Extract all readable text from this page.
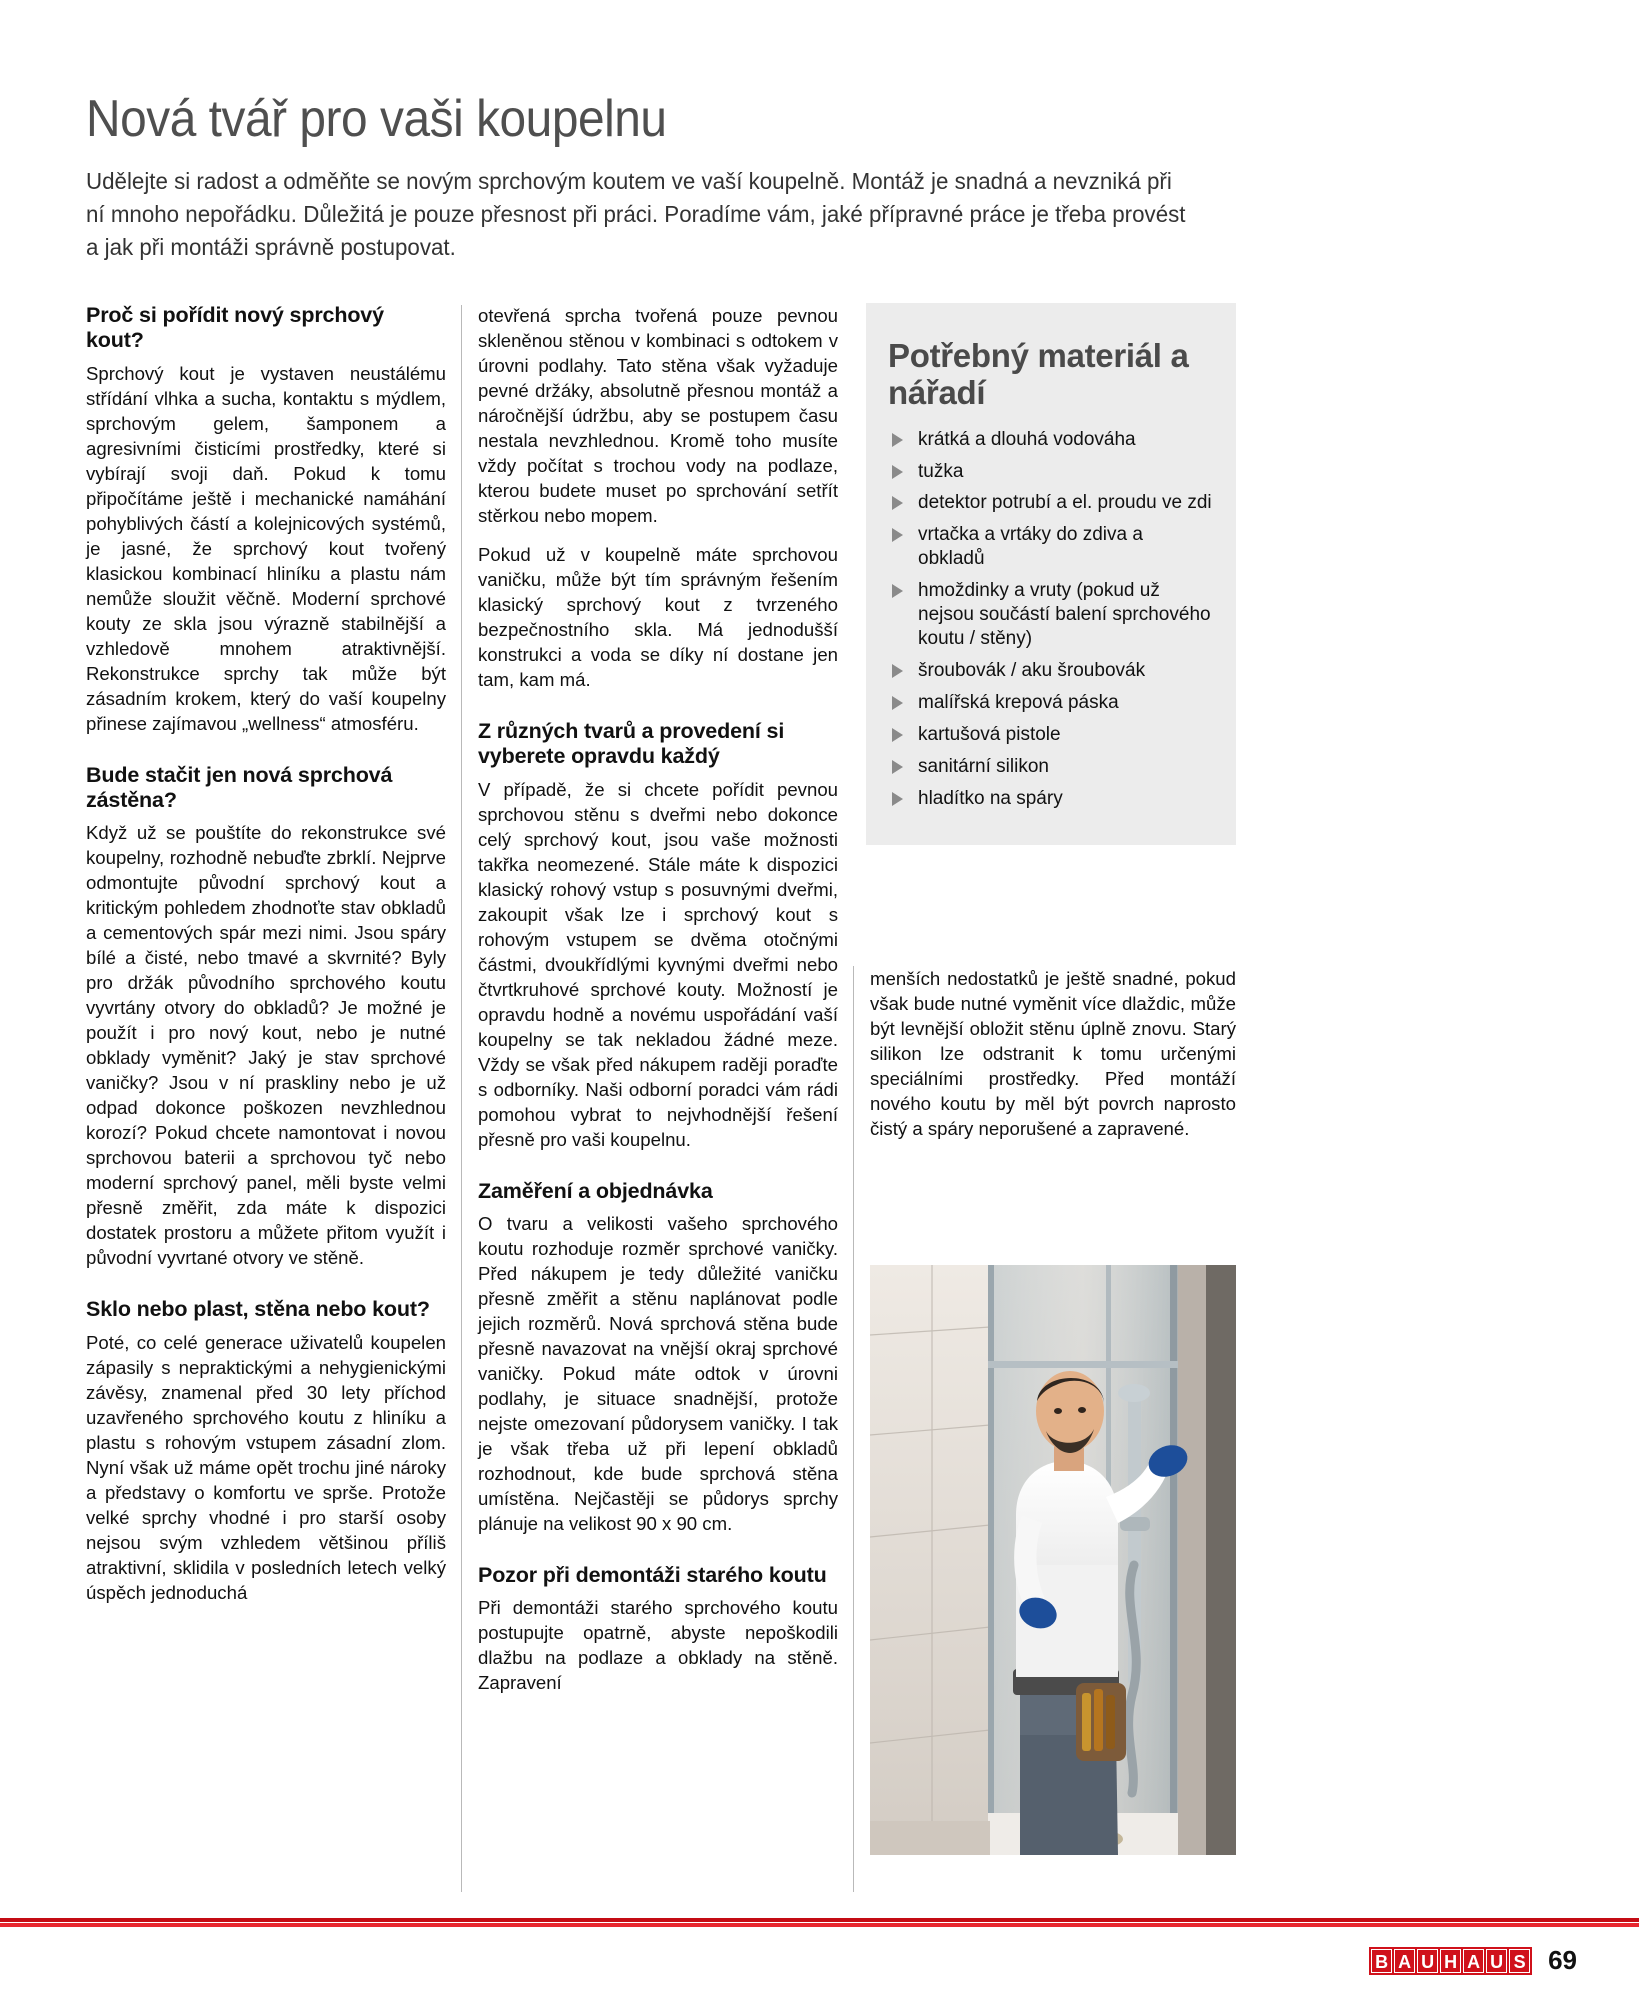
Nová tvář pro vaši koupelnu

Udělejte si radost a odměňte se novým sprchovým koutem ve vaší koupelně. Montáž je snadná a nevzniká při ní mnoho nepořádku. Důležitá je pouze přesnost při práci. Poradíme vám, jaké přípravné práce je třeba provést a jak při montáži správně postupovat.

Proč si pořídit nový sprchový kout?

Sprchový kout je vystaven neustálému střídání vlhka a sucha, kontaktu s mýdlem, sprchovým gelem, šamponem a agresivními čisticími prostředky, které si vybírají svoji daň. Pokud k tomu připočítáme ještě i mechanické namáhání pohyblivých částí a kolejnicových systémů, je jasné, že sprchový kout tvořený klasickou kombinací hliníku a plastu nám nemůže sloužit věčně. Moderní sprchové kouty ze skla jsou výrazně stabilnější a vzhledově mnohem atraktivnější. Rekonstrukce sprchy tak může být zásadním krokem, který do vaší koupelny přinese zajímavou „wellness“ atmosféru.

Bude stačit jen nová sprchová zástěna?

Když už se pouštíte do rekonstrukce své koupelny, rozhodně nebuďte zbrklí. Nejprve odmontujte původní sprchový kout a kritickým pohledem zhodnoťte stav obkladů a cementových spár mezi nimi. Jsou spáry bílé a čisté, nebo tmavé a skvrnité? Byly pro držák původního sprchového koutu vyvrtány otvory do obkladů? Je možné je použít i pro nový kout, nebo je nutné obklady vyměnit? Jaký je stav sprchové vaničky? Jsou v ní praskliny nebo je už odpad dokonce poškozen nevzhlednou korozí? Pokud chcete namontovat i novou sprchovou baterii a sprchovou tyč nebo moderní sprchový panel, měli byste velmi přesně změřit, zda máte k dispozici dostatek prostoru a můžete přitom využít i původní vyvrtané otvory ve stěně.

Sklo nebo plast, stěna nebo kout?

Poté, co celé generace uživatelů koupelen zápasily s nepraktickými a nehygienickými závěsy, znamenal před 30 lety příchod uzavřeného sprchového koutu z hliníku a plastu s rohovým vstupem zásadní zlom. Nyní však už máme opět trochu jiné nároky a představy o komfortu ve sprše. Protože velké sprchy vhodné i pro starší osoby nejsou svým vzhledem většinou příliš atraktivní, sklidila v posledních letech velký úspěch jednoduchá

otevřená sprcha tvořená pouze pevnou skleněnou stěnou v kombinaci s odtokem v úrovni podlahy. Tato stěna však vyžaduje pevné držáky, absolutně přesnou montáž a náročnější údržbu, aby se postupem času nestala nevzhlednou. Kromě toho musíte vždy počítat s trochou vody na podlaze, kterou budete muset po sprchování setřít stěrkou nebo mopem.

Pokud už v koupelně máte sprchovou vaničku, může být tím správným řešením klasický sprchový kout z tvrzeného bezpečnostního skla. Má jednodušší konstrukci a voda se díky ní dostane jen tam, kam má.

Z různých tvarů a provedení si vyberete opravdu každý

V případě, že si chcete pořídit pevnou sprchovou stěnu s dveřmi nebo dokonce celý sprchový kout, jsou vaše možnosti takřka neomezené. Stále máte k dispozici klasický rohový vstup s posuvnými dveřmi, zakoupit však lze i sprchový kout s rohovým vstupem se dvěma otočnými částmi, dvoukřídlými kyvnými dveřmi nebo čtvrtkruhové sprchové kouty. Možností je opravdu hodně a novému uspořádání vaší koupelny se tak nekladou žádné meze. Vždy se však před nákupem raději poraďte s odborníky. Naši odborní poradci vám rádi pomohou vybrat to nejvhodnější řešení přesně pro vaši koupelnu.

Zaměření a objednávka

O tvaru a velikosti vašeho sprchového koutu rozhoduje rozměr sprchové vaničky. Před nákupem je tedy důležité vaničku přesně změřit a stěnu naplánovat podle jejich rozměrů. Nová sprchová stěna bude přesně navazovat na vnější okraj sprchové vaničky. Pokud máte odtok v úrovni podlahy, je situace snadnější, protože nejste omezovaní půdorysem vaničky. I tak je však třeba už při lepení obkladů rozhodnout, kde bude sprchová stěna umístěna. Nejčastěji se půdorys sprchy plánuje na velikost 90 x 90 cm.

Pozor při demontáži starého koutu

Při demontáži starého sprchového koutu postupujte opatrně, abyste nepoškodili dlažbu na podlaze a obklady na stěně. Zapravení

menších nedostatků je ještě snadné, pokud však bude nutné vyměnit více dlaždic, může být levnější obložit stěnu úplně znovu. Starý silikon lze odstranit k tomu určenými speciálními prostředky. Před montáží nového koutu by měl být povrch naprosto čistý a spáry neporušené a zapravené.

Potřebný materiál a nářadí
krátká a dlouhá vodováha
tužka
detektor potrubí a el. proudu ve zdi
vrtačka a vrtáky do zdiva a obkladů
hmoždinky a vruty (pokud už nejsou součástí balení sprchového koutu / stěny)
šroubovák / aku šroubovák
malířská krepová páska
kartušová pistole
sanitární silikon
hladítko na spáry
B A U H A U S 69
